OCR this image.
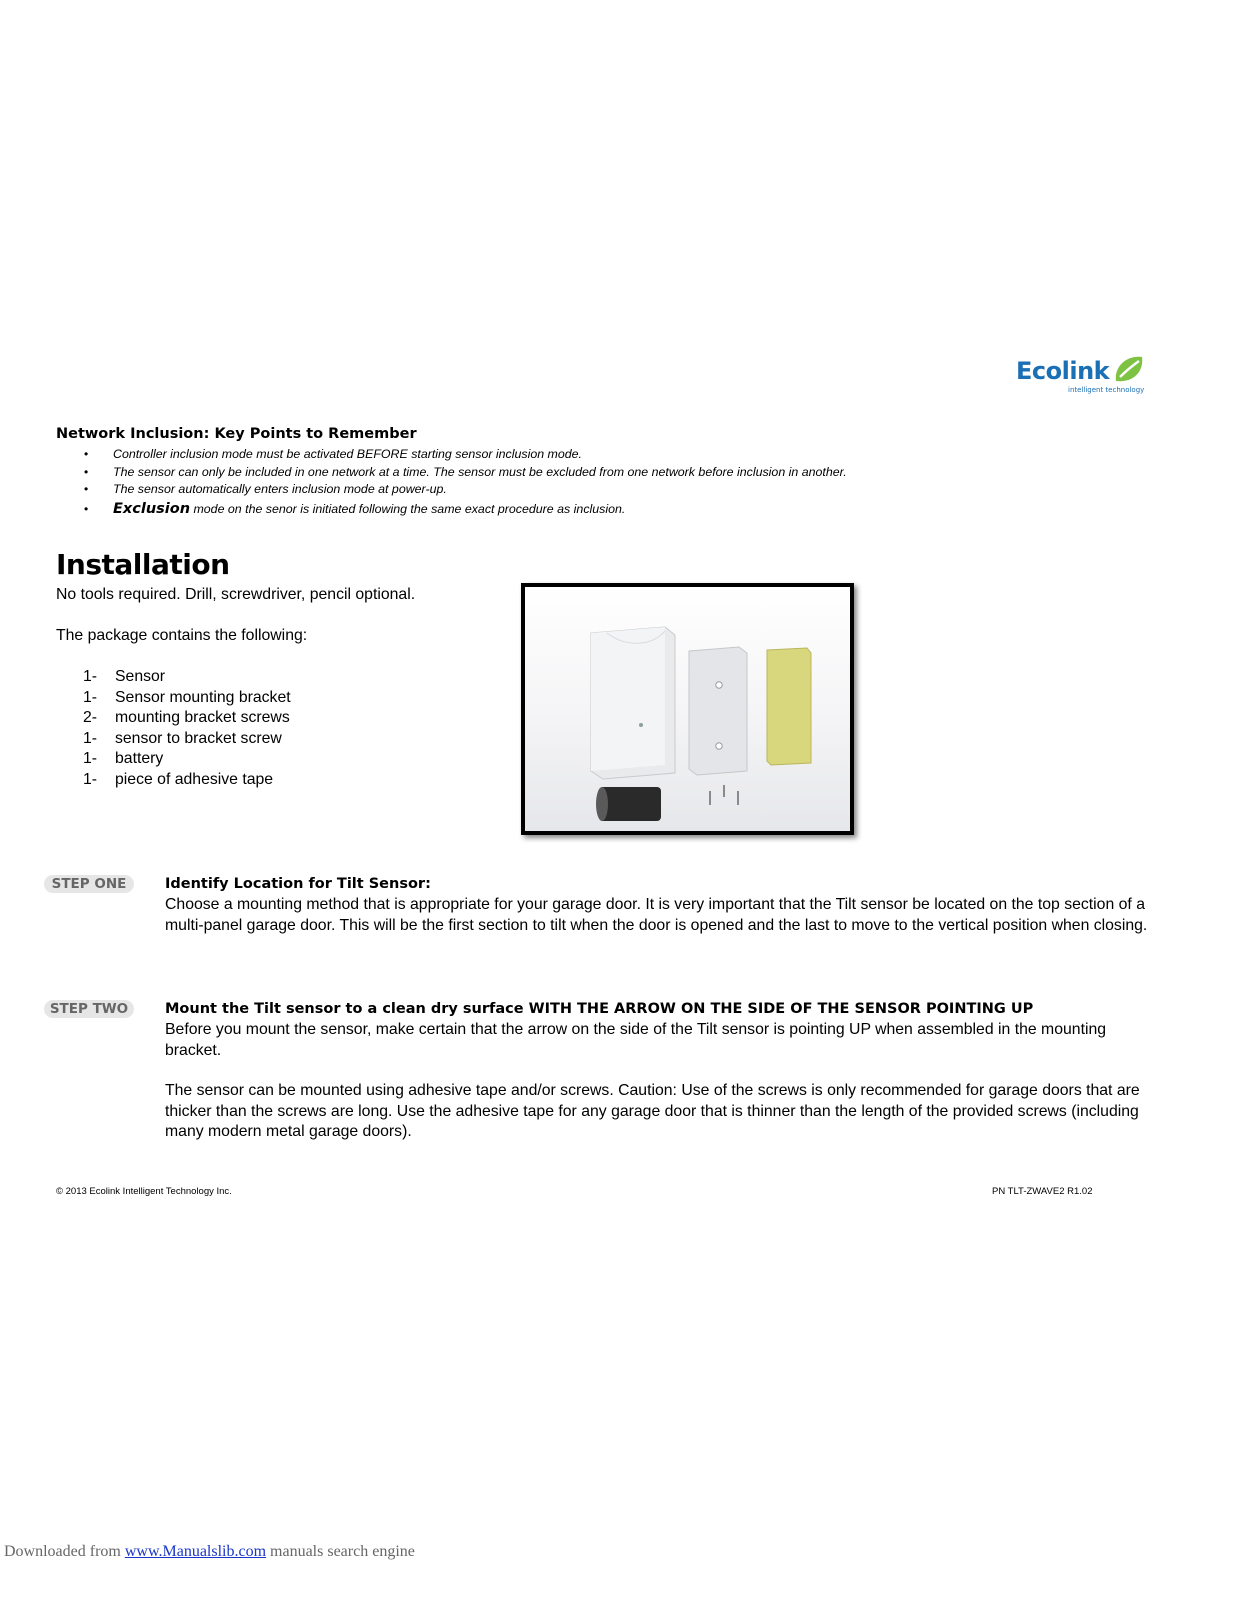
Ecolink
intelligent technology
Network Inclusion: Key Points to Remember
• Controller inclusion mode must be activated BEFORE starting sensor inclusion mode.
• The sensor can only be included in one network at a time. The sensor must be excluded from one network before inclusion in another.
• The sensor automatically enters inclusion mode at power-up.
• Exclusion mode on the senor is initiated following the same exact procedure as inclusion.
Installation
No tools required. Drill, screwdriver, pencil optional.
The package contains the following:
1-	Sensor
1-	Sensor mounting bracket
2-	mounting bracket screws
1-	sensor to bracket screw
1-	battery
1-	piece of adhesive tape
STEP ONE	Identify Location for Tilt Sensor:

Choose a mounting method that is appropriate for your garage door. It is very important that the Tilt sensor be located on the top section of a multi-panel garage door. This will be the first section to tilt when the door is opened and the last to move to the vertical position when closing.

STEP TWO	Mount the Tilt sensor to a clean dry surface WITH THE ARROW ON THE SIDE OF THE SENSOR POINTING UP

Before you mount the sensor, make certain that the arrow on the side of the Tilt sensor is pointing UP when assembled in the mounting bracket.

The sensor can be mounted using adhesive tape and/or screws. Caution: Use of the screws is only recommended for garage doors that are thicker than the screws are long. Use the adhesive tape for any garage door that is thinner than the length of the provided screws (including many modern metal garage doors).

© 2013 Ecolink Intelligent Technology Inc.	PN TLT-ZWAVE2 R1.02
Downloaded from www.Manualslib.com manuals search engine
